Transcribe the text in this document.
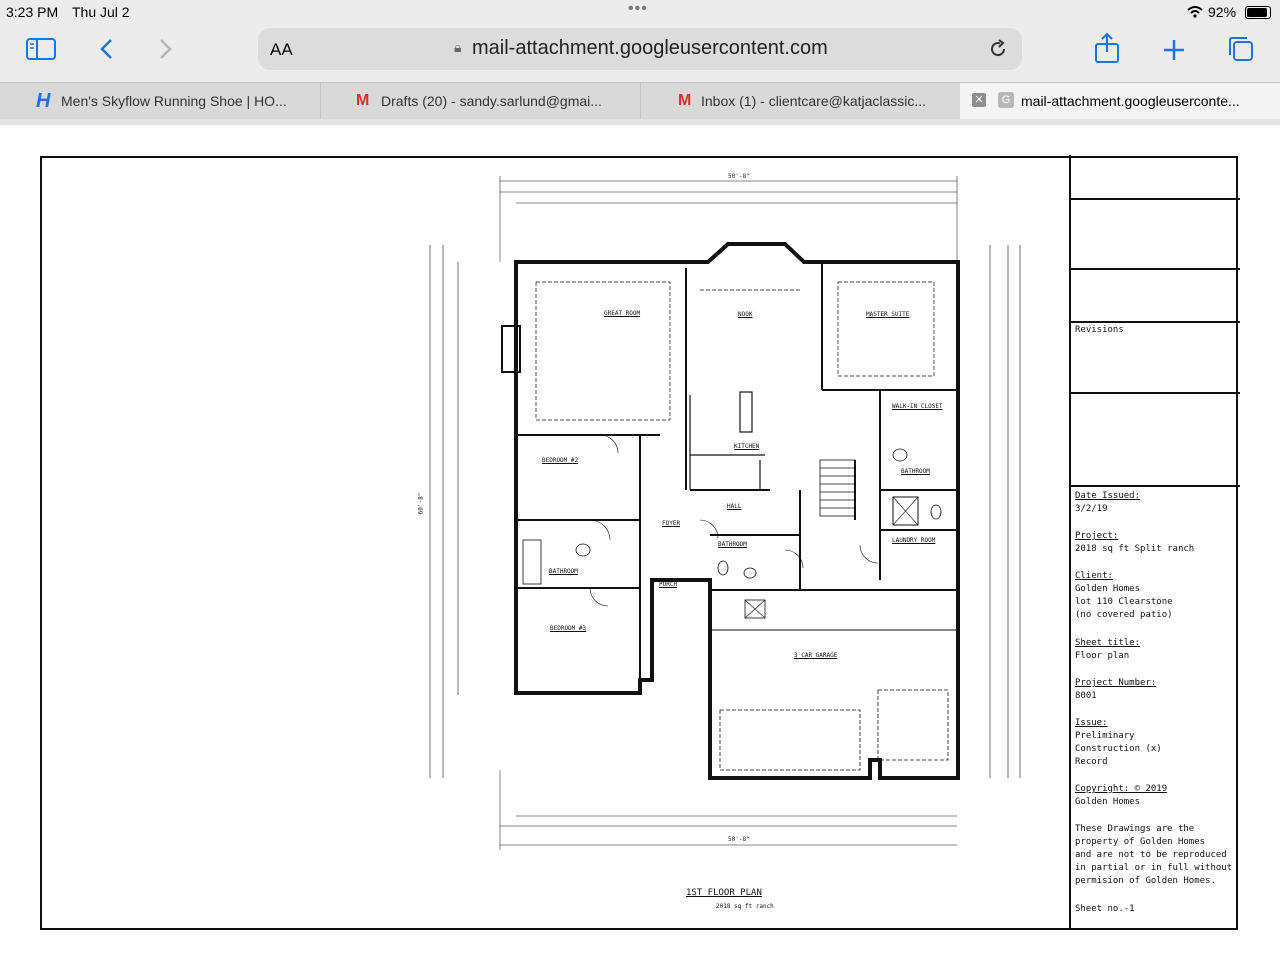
3:23 PM Thu Jul 2	•••	92%
AA	🔒︎ mail-attachment.googleusercontent.com
H Men's Skyflow Running Shoe | HO...	M Drafts (20) - sandy.sarlund@gmai...	M Inbox (1) - clientcare@katjaclassic...	✕	G mail-attachment.googleuserconte...
GREAT ROOM	NOOK	MASTER SUITE
WALK-IN CLOSET
KITCHEN
BEDROOM #2
BATHROOM
HALL
FOYER
LAUNDRY ROOM
BATHROOM
BATHROOM
PORCH
BEDROOM #3
3 CAR GARAGE
50'-8"
50'-8"
60'-8"
1ST FLOOR PLAN
2018 sq ft ranch
Revisions
Date Issued:
3/2/19
Project:
2018 sq ft Split ranch
Client:
Golden Homes
lot 110 Clearstone
(no covered patio)
Sheet title:
Floor plan
Project Number:
8001
Issue:
Preliminary
Construction (x)
Record
Copyright: © 2019
Golden Homes
These Drawings are the
property of Golden Homes
and are not to be reproduced
in partial or in full without
permision of Golden Homes.
Sheet no.-1
